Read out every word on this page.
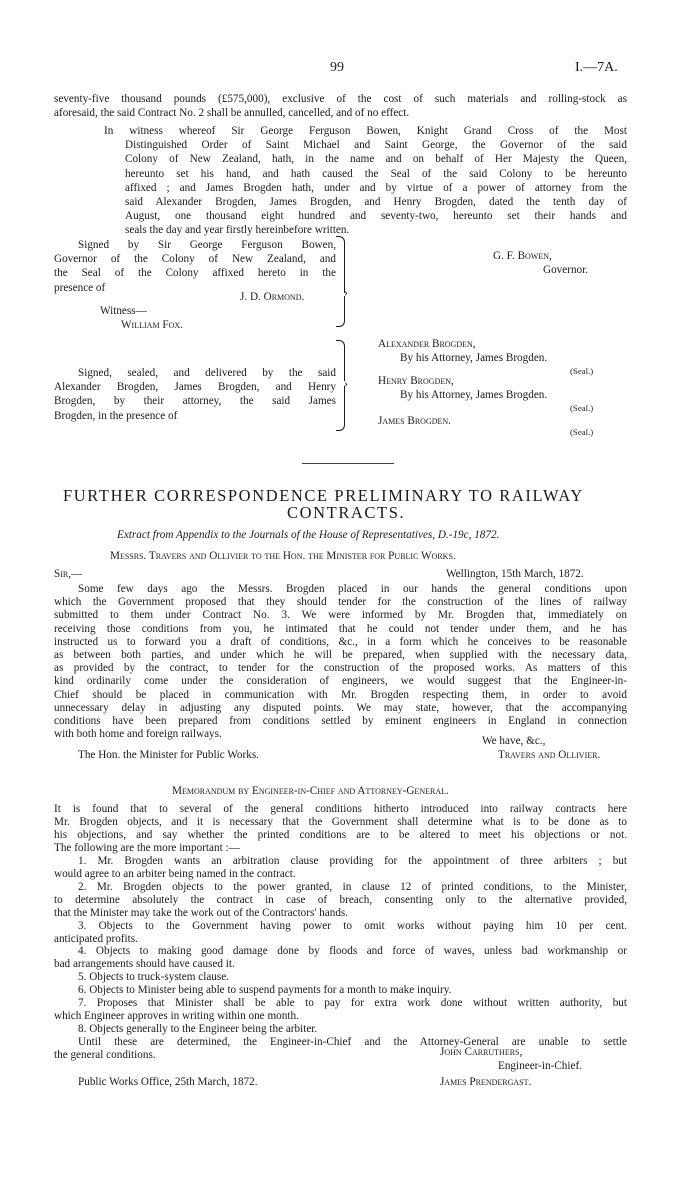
99	I.—7A.
seventy-five thousand pounds (£575,000), exclusive of the cost of such materials and rolling-stock as
aforesaid, the said Contract No. 2 shall be annulled, cancelled, and of no effect.
In witness whereof Sir George Ferguson Bowen, Knight Grand Cross of the Most
Distinguished Order of Saint Michael and Saint George, the Governor of the said
Colony of New Zealand, hath, in the name and on behalf of Her Majesty the Queen,
hereunto set his hand, and hath caused the Seal of the said Colony to be hereunto
affixed ; and James Brogden hath, under and by virtue of a power of attorney from the
said Alexander Brogden, James Brogden, and Henry Brogden, dated the tenth day of
August, one thousand eight hundred and seventy-two, hereunto set their hands and
seals the day and year firstly hereinbefore written.
Signed by Sir George Ferguson Bowen,
Governor of the Colony of New Zealand, and
the Seal of the Colony affixed hereto in the
presence of
J. D. Ormond.
Witness—
William Fox.
›
G. F. Bowen,
Governor.
Signed, sealed, and delivered by the said
Alexander Brogden, James Brogden, and Henry
Brogden, by their attorney, the said James
Brogden, in the presence of
›
Alexander Brogden,
By his Attorney, James Brogden.
(Seal.)
Henry Brogden,
By his Attorney, James Brogden.
(Seal.)
James Brogden.
(Seal.)
FURTHER CORRESPONDENCE PRELIMINARY TO RAILWAY
CONTRACTS.
Extract from Appendix to the Journals of the House of Representatives, D.-19c, 1872.
Messrs. Travers and Ollivier to the Hon. the Minister for Public Works.
Sir,—	Wellington, 15th March, 1872.
Some few days ago the Messrs. Brogden placed in our hands the general conditions upon
which the Government proposed that they should tender for the construction of the lines of railway
submitted to them under Contract No. 3. We were informed by Mr. Brogden that, immediately on
receiving those conditions from you, he intimated that he could not tender under them, and he has
instructed us to forward you a draft of conditions, &c., in a form which he conceives to be reasonable
as between both parties, and under which he will be prepared, when supplied with the necessary data,
as provided by the contract, to tender for the construction of the proposed works. As matters of this
kind ordinarily come under the consideration of engineers, we would suggest that the Engineer-in-
Chief should be placed in communication with Mr. Brogden respecting them, in order to avoid
unnecessary delay in adjusting any disputed points. We may state, however, that the accompanying
conditions have been prepared from conditions settled by eminent engineers in England in connection
with both home and foreign railways.
We have, &c.,
The Hon. the Minister for Public Works.	Travers and Ollivier.
Memorandum by Engineer-in-Chief and Attorney-General.
It is found that to several of the general conditions hitherto introduced into railway contracts here
Mr. Brogden objects, and it is necessary that the Government shall determine what is to be done as to
his objections, and say whether the printed conditions are to be altered to meet his objections or not.
The following are the more important :—
1. Mr. Brogden wants an arbitration clause providing for the appointment of three arbiters ; but
would agree to an arbiter being named in the contract.
2. Mr. Brogden objects to the power granted, in clause 12 of printed conditions, to the Minister,
to determine absolutely the contract in case of breach, consenting only to the alternative provided,
that the Minister may take the work out of the Contractors' hands.
3. Objects to the Government having power to omit works without paying him 10 per cent.
anticipated profits.
4. Objects to making good damage done by floods and force of waves, unless bad workmanship or
bad arrangements should have caused it.
5. Objects to truck-system clause.
6. Objects to Minister being able to suspend payments for a month to make inquiry.
7. Proposes that Minister shall be able to pay for extra work done without written authority, but
which Engineer approves in writing within one month.
8. Objects generally to the Engineer being the arbiter.
Until these are determined, the Engineer-in-Chief and the Attorney-General are unable to settle
the general conditions.	John Carruthers,
Engineer-in-Chief.
Public Works Office, 25th March, 1872.	James Prendergast.
